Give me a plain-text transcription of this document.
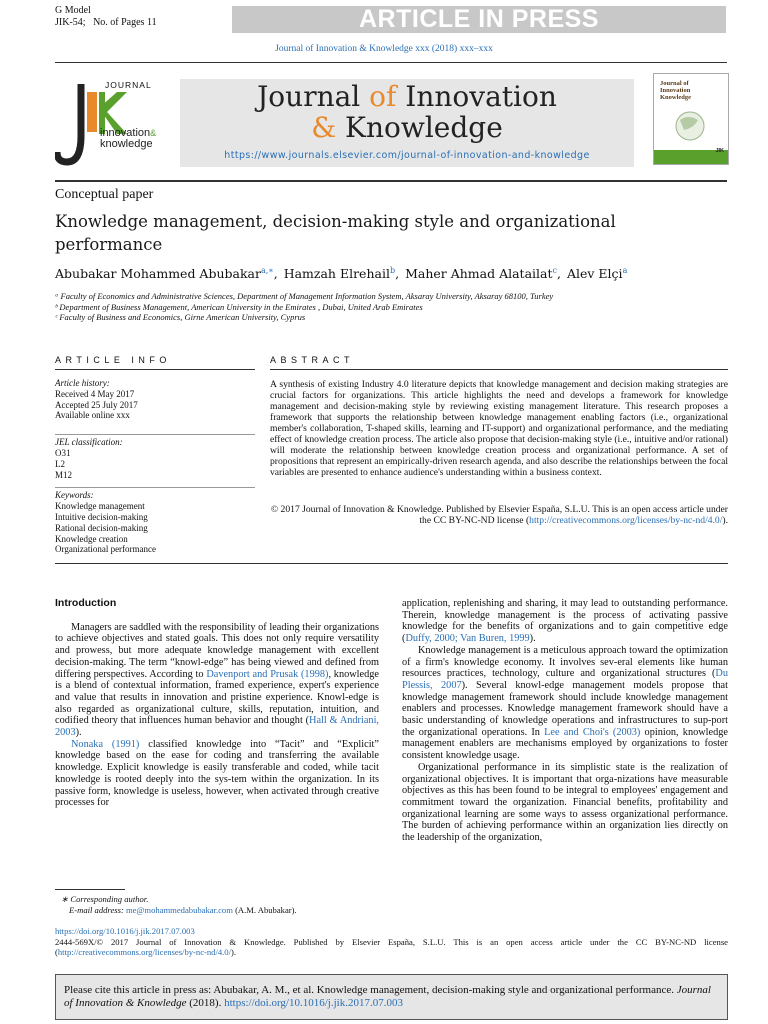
G Model
JIK-54; No. of Pages 11	ARTICLE IN PRESS
Journal of Innovation & Knowledge xxx (2018) xxx–xxx
JOURNAL
innovation&
knowledge
Journal of Innovation
& Knowledge
https://www.journals.elsevier.com/journal-of-innovation-and-knowledge
Journal of
Innovation
Knowledge
JIK
Conceptual paper
Knowledge management, decision-making style and organizational performance
Abubakar Mohammed Abubakar$^{a,∗}$, Hamzah Elrehail$^b$, Maher Ahmad Alatailat$^c$, Alev Elçi$^a$
ᵃ Faculty of Economics and Administrative Sciences, Department of Management Information System, Aksaray University, Aksaray 68100, Turkey
ᵇ Department of Business Management, American University in the Emirates , Dubai, United Arab Emirates
ᶜ Faculty of Business and Economics, Girne American University, Cyprus
ARTICLE INFO	ABSTRACT
Article history:
Received 4 May 2017
Accepted 25 July 2017
Available online xxx
JEL classification:
O31
L2
M12
Keywords:
Knowledge management
Intuitive decision-making
Rational decision-making
Knowledge creation
Organizational performance
A synthesis of existing Industry 4.0 literature depicts that knowledge management and decision making strategies are crucial factors for organizations. This article highlights the need and develops a framework for knowledge management and decision-making style by reviewing existing management literature. This research proposes a framework that supports the relationship between knowledge management enabling factors (i.e., organizational member's collaboration, T-shaped skills, learning and IT-support) and organizational performance, and the mediating effect of knowledge creation process. The article also propose that decision-making style (i.e., intuitive and/or rational) will moderate the relationship between knowledge creation process and organizational performance. A set of propositions that represent an empirically-driven research agenda, and also describe the relationships between the focal variables are presented to enhance audience's understanding within a business context.
© 2017 Journal of Innovation & Knowledge. Published by Elsevier España, S.L.U. This is an open access article under the CC BY-NC-ND license (http://creativecommons.org/licenses/by-nc-nd/4.0/).

Introduction

Managers are saddled with the responsibility of leading their organizations to achieve objectives and stated goals. This does not only require versatility and prowess, but more adequate knowledge management with excellent decision-making. The term “knowl-edge” has being viewed and defined from differing perspectives. According to Davenport and Prusak (1998), knowledge is a blend of contextual information, framed experience, expert's experience and value that results in innovation and pristine experience. Knowl-edge is also regarded as organizational culture, skills, reputation, intuition, and codified theory that influences human behavior and thought (Hall & Andriani, 2003).

Nonaka (1991) classified knowledge into “Tacit” and “Explicit” knowledge based on the ease for coding and transferring the available knowledge. Explicit knowledge is easily transferable and coded, while tacit knowledge is rooted deeply into the sys-tem within the organization. In its passive form, knowledge is useless, however, when activated through creative processes for

application, replenishing and sharing, it may lead to outstanding performance. Therein, knowledge management is the process of activating passive knowledge for the benefits of organizations and to gain competitive edge (Duffy, 2000; Van Buren, 1999).

Knowledge management is a meticulous approach toward the optimization of a firm's knowledge economy. It involves sev-eral elements like human resources practices, technology, culture and organizational structures (Du Plessis, 2007). Several knowl-edge management models propose that knowledge management framework should include knowledge management enablers and processes. Knowledge management framework should have a basic understanding of knowledge operations and infrastructures to sup-port the organizational operations. In Lee and Choi's (2003) opinion, knowledge management enablers are mechanisms employed by organizations to foster consistent knowledge usage.

Organizational performance in its simplistic state is the realization of organizational objectives. It is important that orga-nizations have measurable objectives as this has been found to be integral to employees' engagement and commitment toward the organization. Financial benefits, profitability and organizational learning are some ways to assess organizational performance. The burden of achieving performance within an organization lies directly on the leadership of the organization,

∗ Corresponding author.
E-mail address: me@mohammedabubakar.com (A.M. Abubakar).
https://doi.org/10.1016/j.jik.2017.07.003
2444-569X/© 2017 Journal of Innovation & Knowledge. Published by Elsevier España, S.L.U. This is an open access article under the CC BY-NC-ND license (http://creativecommons.org/licenses/by-nc-nd/4.0/).
Please cite this article in press as: Abubakar, A. M., et al. Knowledge management, decision-making style and organizational performance. Journal of Innovation & Knowledge (2018). https://doi.org/10.1016/j.jik.2017.07.003
